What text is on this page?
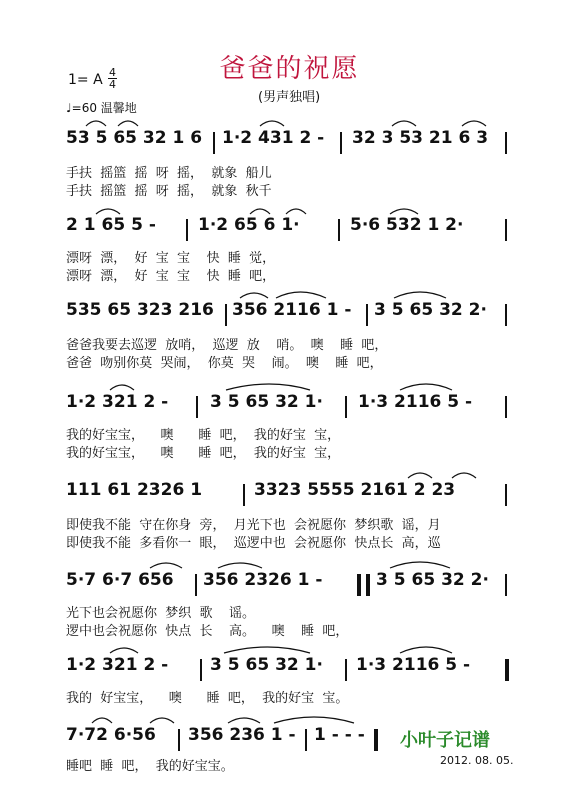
爸爸的祝愿
(男声独唱)
1= A 4
4
♩=60 温馨地
53 5 65 32 1 6 1·2 431 2 - 32 3 53 21 6 3
手扶  摇篮  摇  呀  摇，  就象  船儿
手扶  摇篮  摇  呀  摇，  就象  秋千
2 1 65 5 - 1·2 65 6 1·	5·6 532 1 2·
漂呀  漂，  好  宝  宝    快  睡  觉，
漂呀  漂，  好  宝  宝    快  睡  吧，
535 65 323 216 356 2116 1 - 3 5 65 32 2·
爸爸我要去巡逻  放哨，  巡逻  放    哨。  噢    睡  吧，
爸爸  吻别你莫  哭闹，  你莫  哭    闹。  噢    睡  吧，
1·2 321 2 - 3 5 65 32 1· 1·3 2116 5 -
我的好宝宝，    噢      睡  吧，  我的好宝  宝，
我的好宝宝，    噢      睡  吧，  我的好宝  宝，
111 61 2326 1	3323 5555 2161 2 23
即使我不能  守在你身  旁，  月光下也  会祝愿你  梦织歌  谣，月
即使我不能  多看你一  眼，  巡逻中也  会祝愿你  快点长  高，巡
5·7 6·7 656 356 2326 1 -	3 5 65 32 2·
光下也会祝愿你  梦织  歌    谣。
逻中也会祝愿你  快点  长    高。    噢    睡  吧，
1·2 321 2 - 3 5 65 32 1· 1·3 2116 5 -
我的  好宝宝，    噢      睡  吧，  我的好宝  宝。
7·72 6·56 356 236 1 - 1 - - -
睡吧  睡  吧，  我的好宝宝。
小叶子记谱
2012. 08. 05.
